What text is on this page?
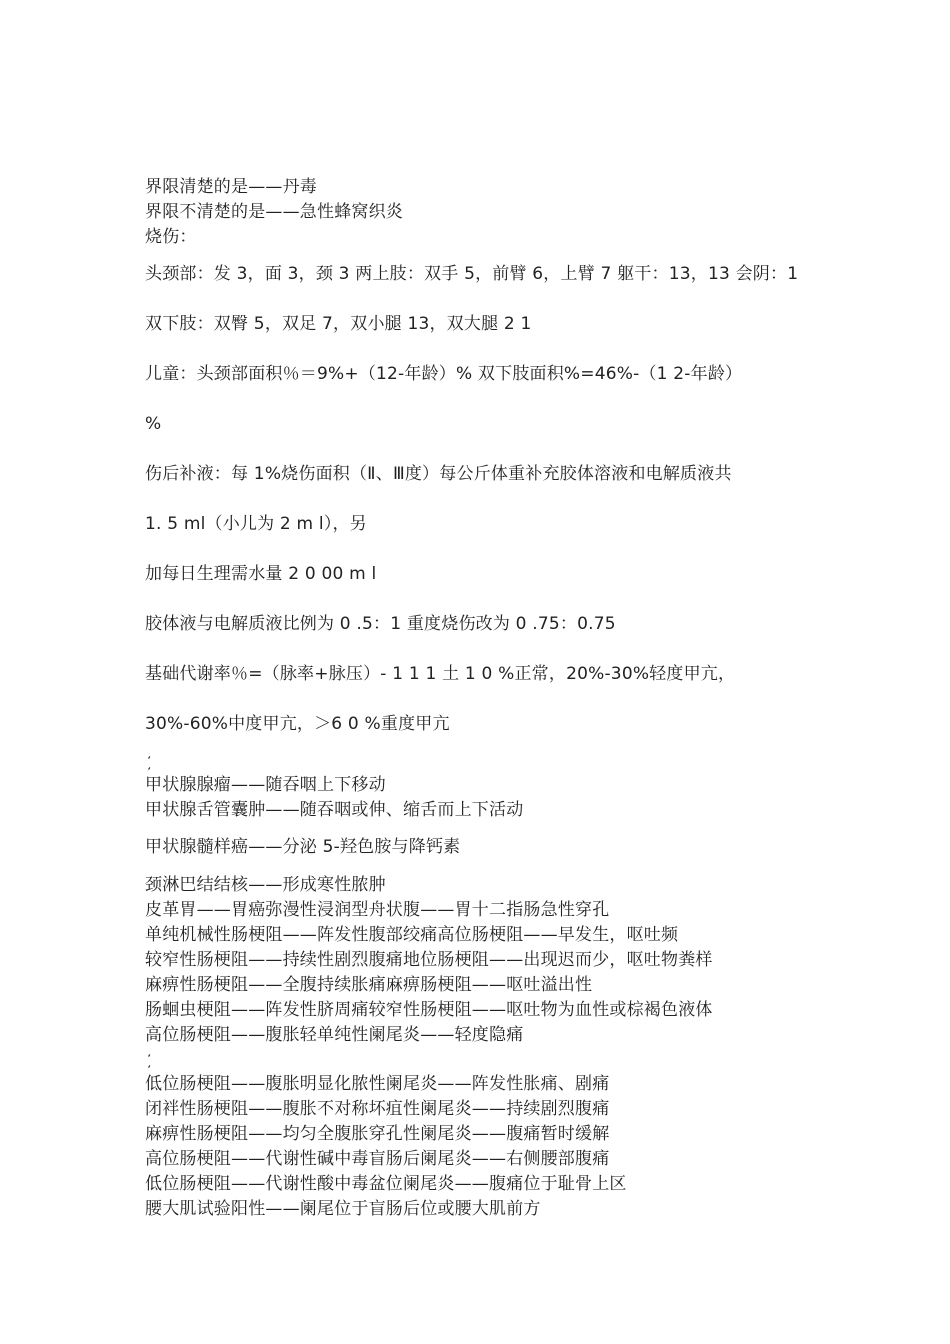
界限清楚的是——丹毒
界限不清楚的是——急性蜂窝织炎
烧伤：
头颈部：发 3，面 3，颈 3 两上肢：双手 5，前臂 6，上臂 7 躯干：13，13 会阴：1
双下肢：双臀 5，双足 7，双小腿 13，双大腿 2 1
儿童：头颈部面积％＝9%+（12-年龄）% 双下肢面积%=46%-（1 2-年龄）
%
伤后补液：每 1%烧伤面积（Ⅱ、Ⅲ度）每公斤体重补充胶体溶液和电解质液共
1. 5 ml（小儿为 2 m l），另
加每日生理需水量 2 0 00 m l
胶体液与电解质液比例为 0 .5：1 重度烧伤改为 0 .75：0.75
基础代谢率％=（脉率+脉压）- 1 1 1 土 1 0 %正常，20%-30%轻度甲亢，
30%-60%中度甲亢，＞6 0 %重度甲亢
甲状腺腺瘤——随吞咽上下移动
甲状腺舌管囊肿——随吞咽或伸、缩舌而上下活动
甲状腺髓样癌——分泌 5-羟色胺与降钙素
颈淋巴结结核——形成寒性脓肿
皮革胃——胃癌弥漫性浸润型舟状腹——胃十二指肠急性穿孔
单纯机械性肠梗阻——阵发性腹部绞痛高位肠梗阻——早发生，呕吐频
较窄性肠梗阻——持续性剧烈腹痛地位肠梗阻——出现迟而少，呕吐物粪样
麻痹性肠梗阻——全腹持续胀痛麻痹肠梗阻——呕吐溢出性
肠蛔虫梗阻——阵发性脐周痛较窄性肠梗阻——呕吐物为血性或棕褐色液体
高位肠梗阻——腹胀轻单纯性阑尾炎——轻度隐痛
低位肠梗阻——腹胀明显化脓性阑尾炎——阵发性胀痛、剧痛
闭袢性肠梗阻——腹胀不对称坏疽性阑尾炎——持续剧烈腹痛
麻痹性肠梗阻——均匀全腹胀穿孔性阑尾炎——腹痛暂时缓解
高位肠梗阻——代谢性碱中毒盲肠后阑尾炎——右侧腰部腹痛
低位肠梗阻——代谢性酸中毒盆位阑尾炎——腹痛位于耻骨上区
腰大肌试验阳性——阑尾位于盲肠后位或腰大肌前方
